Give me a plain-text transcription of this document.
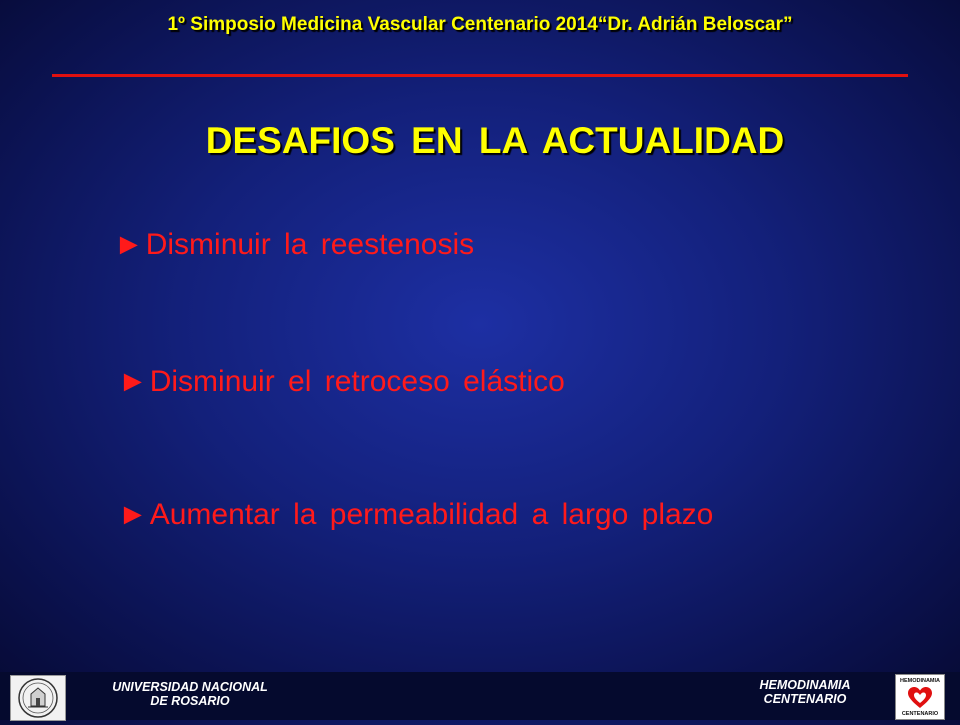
1º Simposio Medicina Vascular Centenario 2014“Dr. Adrián Beloscar”
DESAFIOS EN LA ACTUALIDAD
►Disminuir la reestenosis
►Disminuir el retroceso elástico
►Aumentar la permeabilidad a largo plazo
UNIVERSIDAD NACIONAL
DE ROSARIO
HEMODINAMIA
CENTENARIO
HEMODINAMIA
CENTENARIO
